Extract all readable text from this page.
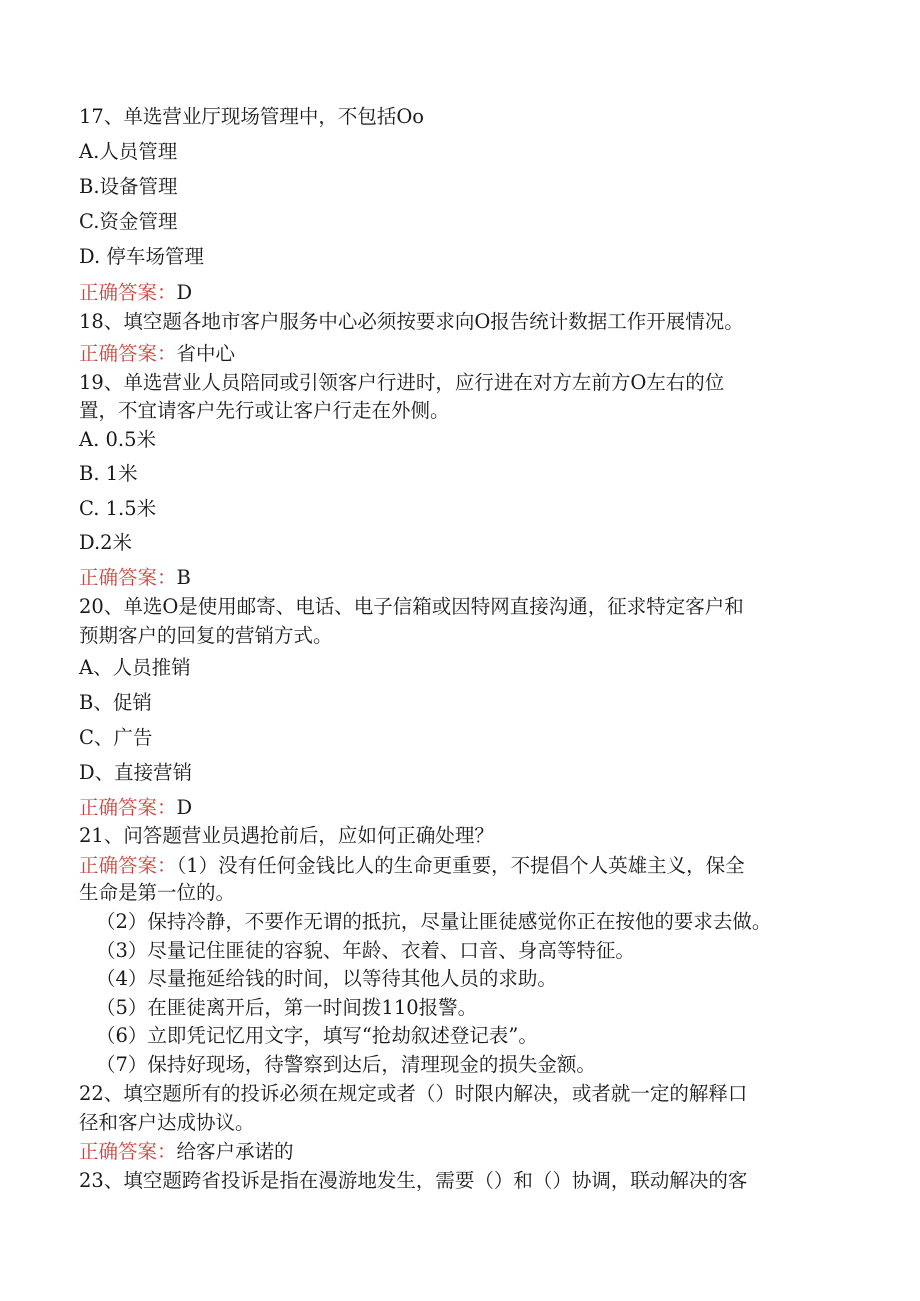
17、单选营业厅现场管理中，不包括Oo

A.人员管理

B.设备管理

C.资金管理

D. 停车场管理

正确答案：D

18、填空题各地市客户服务中心必须按要求向O报告统计数据工作开展情况。

正确答案：省中心

19、单选营业人员陪同或引领客户行进时，应行进在对方左前方O左右的位

置，不宜请客户先行或让客户行走在外侧。

A. 0.5米

B. 1米

C. 1.5米

D.2米

正确答案：B

20、单选O是使用邮寄、电话、电子信箱或因特网直接沟通，征求特定客户和

预期客户的回复的营销方式。

A、人员推销

B、促销

C、广告

D、直接营销

正确答案：D

21、问答题营业员遇抢前后，应如何正确处理？

正确答案：（1）没有任何金钱比人的生命更重要，不提倡个人英雄主义，保全

生命是第一位的。

（2）保持冷静，不要作无谓的抵抗，尽量让匪徒感觉你正在按他的要求去做。

（3）尽量记住匪徒的容貌、年龄、衣着、口音、身高等特征。

（4）尽量拖延给钱的时间，以等待其他人员的求助。

（5）在匪徒离开后，第一时间拨110报警。

（6）立即凭记忆用文字，填写“抢劫叙述登记表”。

（7）保持好现场，待警察到达后，清理现金的损失金额。

22、填空题所有的投诉必须在规定或者（）时限内解决，或者就一定的解释口

径和客户达成协议。

正确答案：给客户承诺的

23、填空题跨省投诉是指在漫游地发生，需要（）和（）协调，联动解决的客
